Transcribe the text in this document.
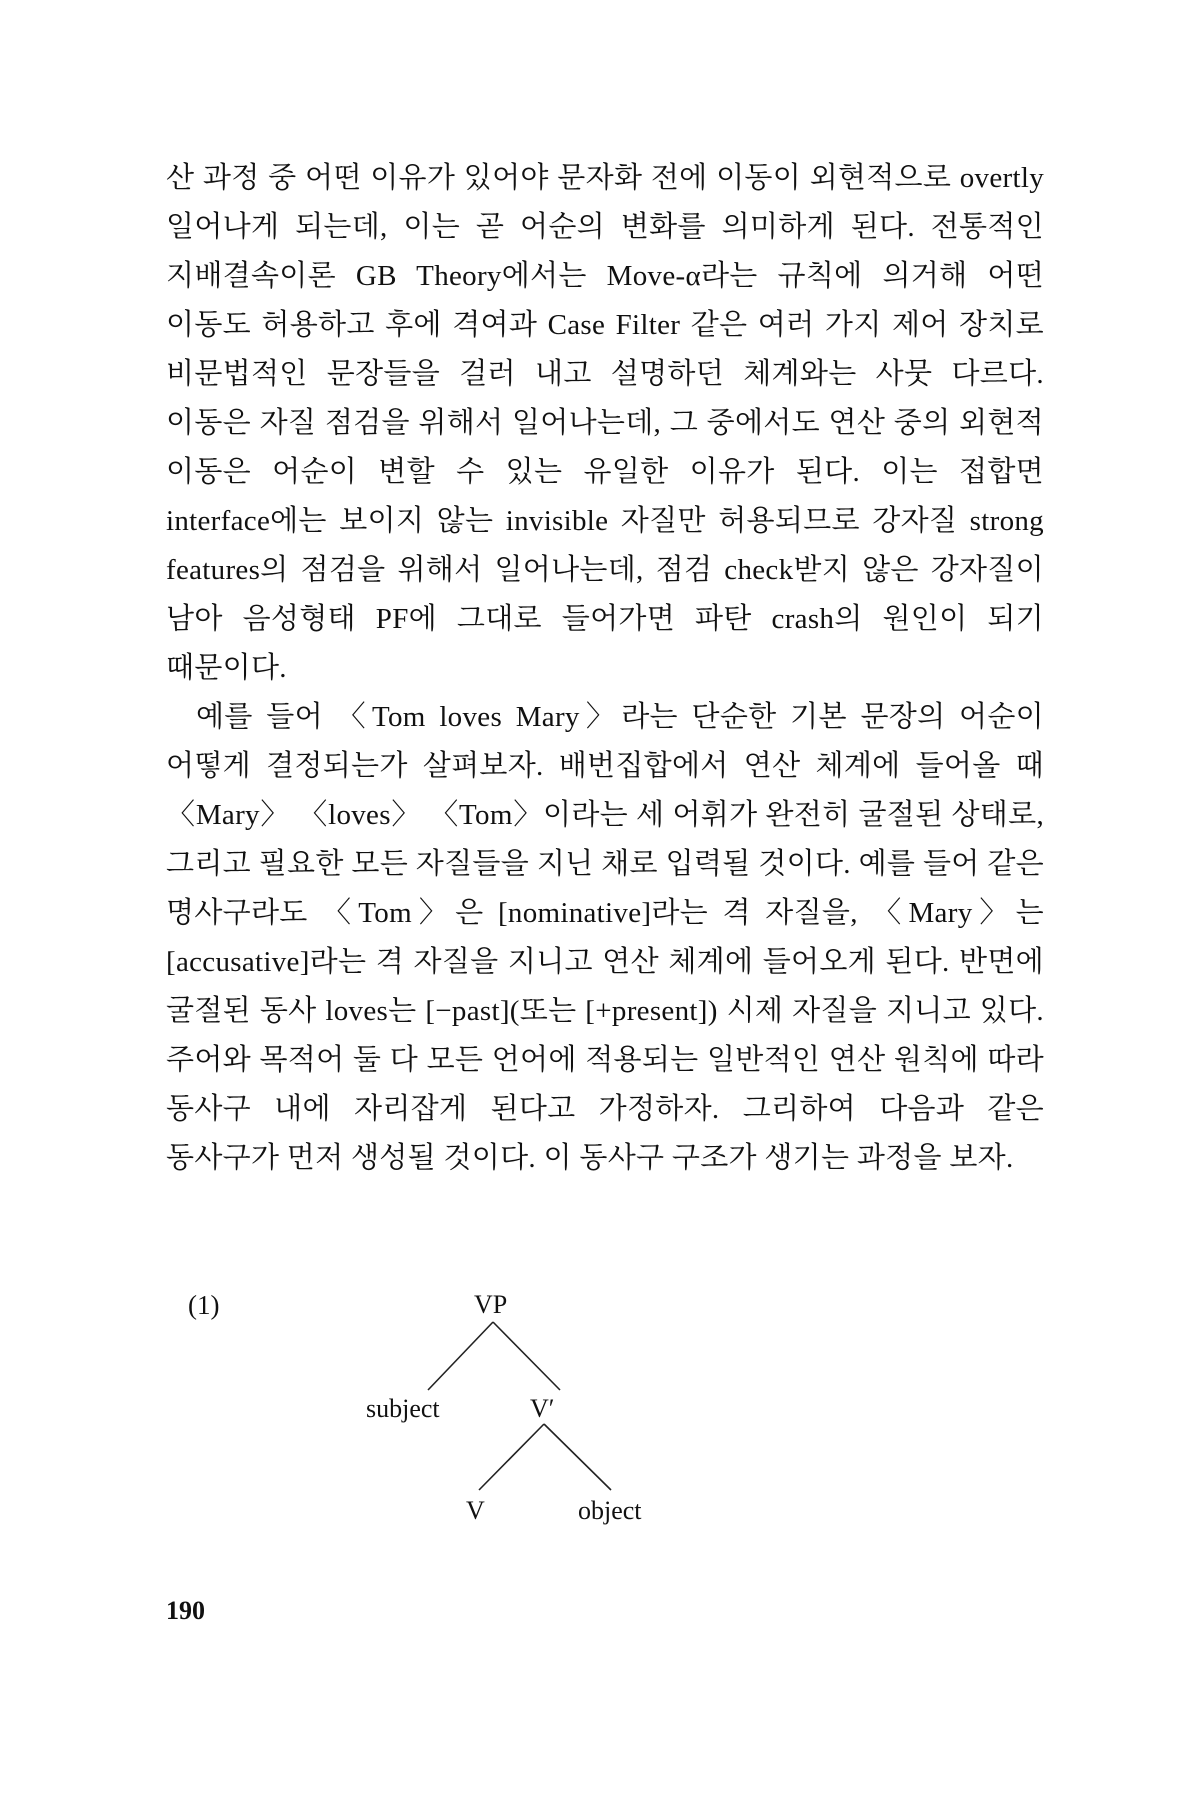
산 과정 중 어떤 이유가 있어야 문자화 전에 이동이 외현적으로 overtly 일어나게 되는데, 이는 곧 어순의 변화를 의미하게 된다. 전통적인 지배결속이론 GB Theory에서는 Move-α라는 규칙에 의거해 어떤 이동도 허용하고 후에 격여과 Case Filter 같은 여러 가지 제어 장치로 비문법적인 문장들을 걸러 내고 설명하던 체계와는 사뭇 다르다. 이동은 자질 점검을 위해서 일어나는데, 그 중에서도 연산 중의 외현적 이동은 어순이 변할 수 있는 유일한 이유가 된다. 이는 접합면 interface에는 보이지 않는 invisible 자질만 허용되므로 강자질 strong features의 점검을 위해서 일어나는데, 점검 check받지 않은 강자질이 남아 음성형태 PF에 그대로 들어가면 파탄 crash의 원인이 되기 때문이다.

예를 들어 〈Tom loves Mary〉라는 단순한 기본 문장의 어순이 어떻게 결정되는가 살펴보자. 배번집합에서 연산 체계에 들어올 때 〈Mary〉 〈loves〉 〈Tom〉이라는 세 어휘가 완전히 굴절된 상태로, 그리고 필요한 모든 자질들을 지닌 채로 입력될 것이다. 예를 들어 같은 명사구라도 〈Tom〉은 [nominative]라는 격 자질을, 〈Mary〉는 [accusative]라는 격 자질을 지니고 연산 체계에 들어오게 된다. 반면에 굴절된 동사 loves는 [−past](또는 [+present]) 시제 자질을 지니고 있다. 주어와 목적어 둘 다 모든 언어에 적용되는 일반적인 연산 원칙에 따라 동사구 내에 자리잡게 된다고 가정하자. 그리하여 다음과 같은 동사구가 먼저 생성될 것이다. 이 동사구 구조가 생기는 과정을 보자.

(1)	VP
subject	V′
V	object
190
